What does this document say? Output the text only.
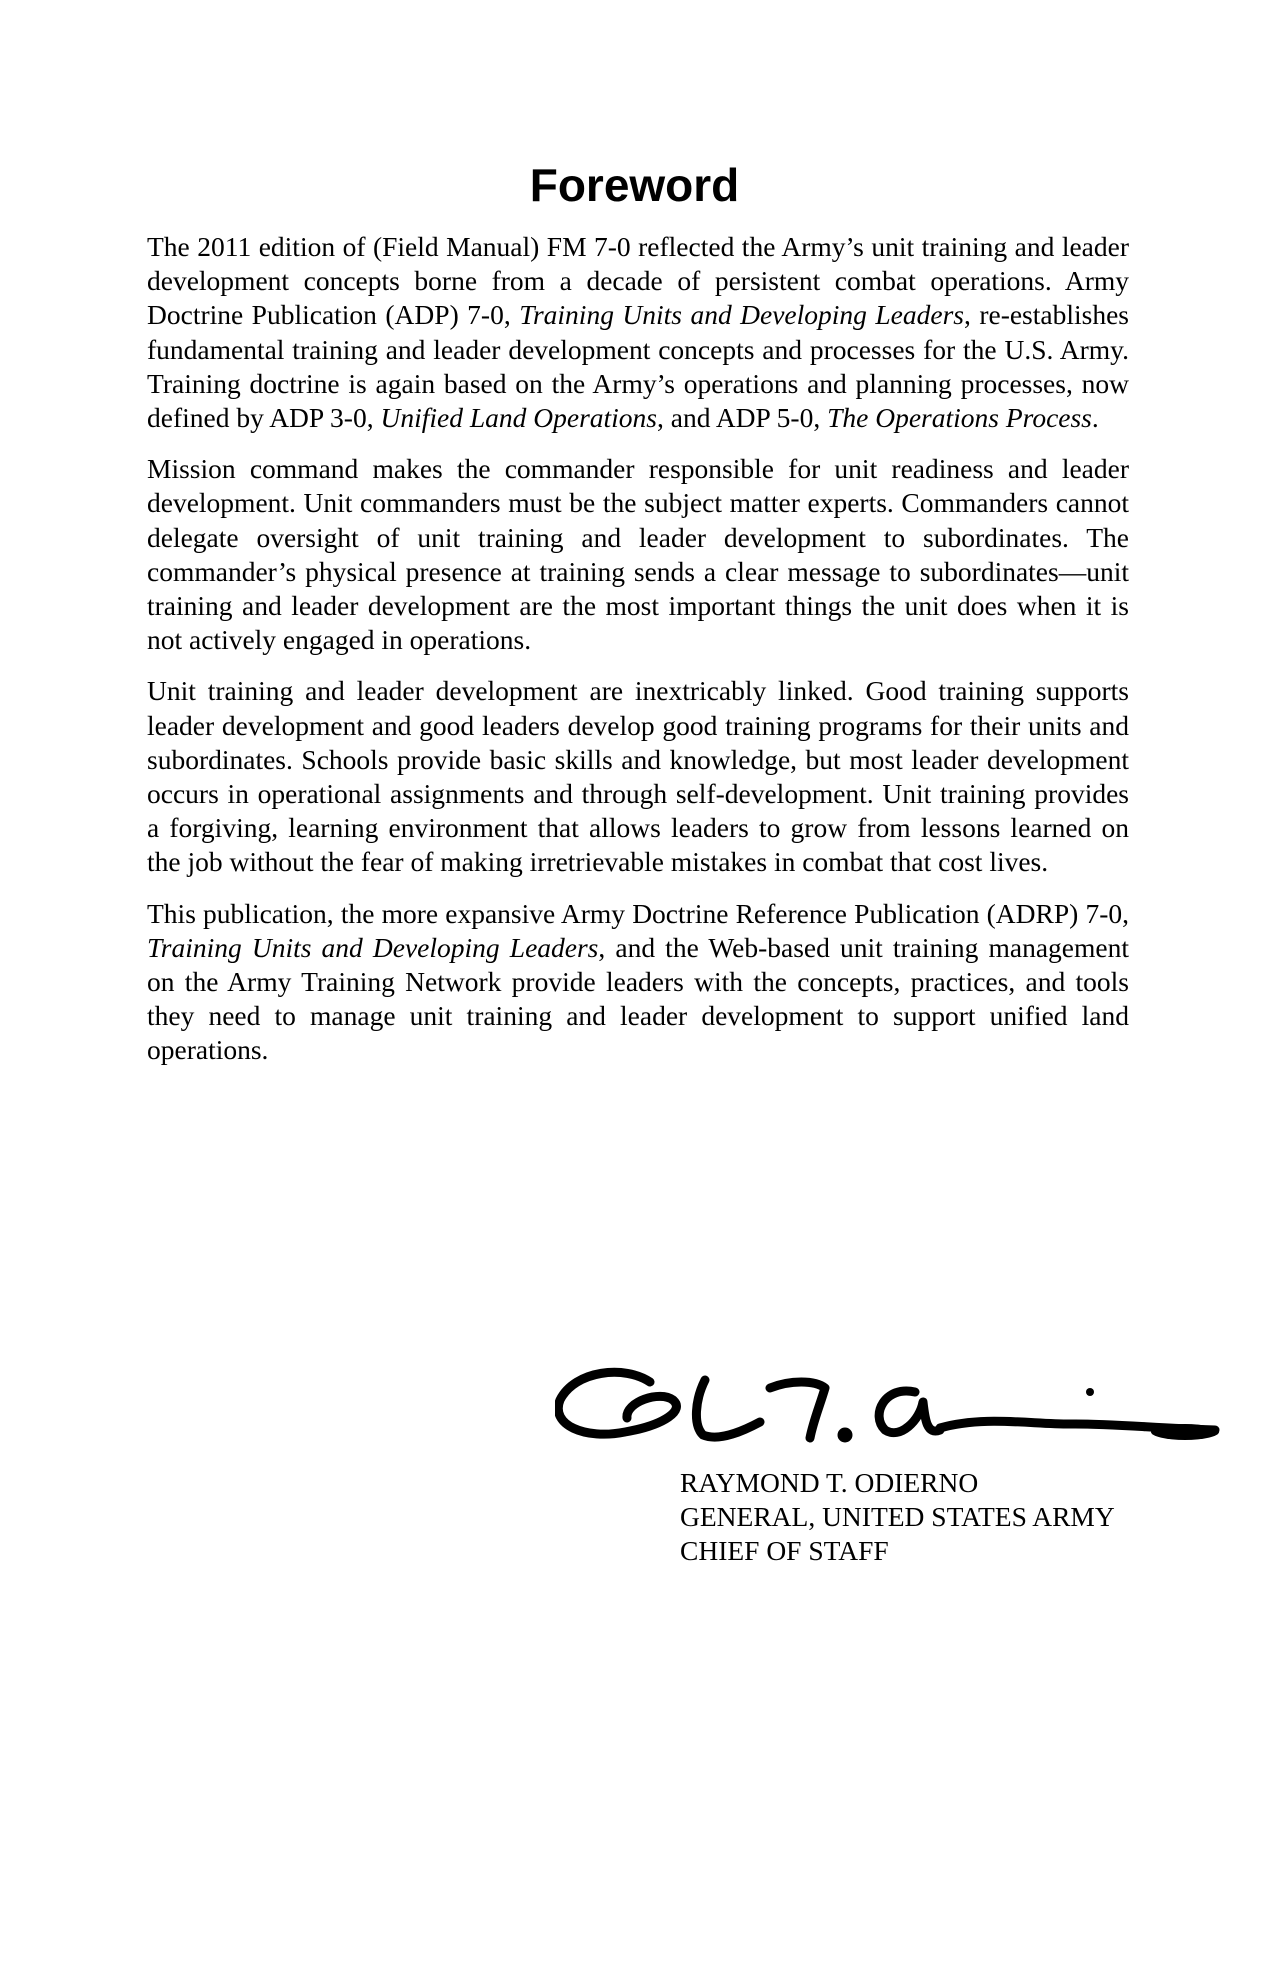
Foreword

The 2011 edition of (Field Manual) FM 7-0 reflected the Army’s unit training and leader development concepts borne from a decade of persistent combat operations. Army Doctrine Publication (ADP) 7-0, Training Units and Developing Leaders, re-establishes fundamental training and leader development concepts and processes for the U.S. Army. Training doctrine is again based on the Army’s operations and planning processes, now defined by ADP 3-0, Unified Land Operations, and ADP 5-0, The Operations Process.

Mission command makes the commander responsible for unit readiness and leader development. Unit commanders must be the subject matter experts. Commanders cannot delegate oversight of unit training and leader development to subordinates. The commander’s physical presence at training sends a clear message to subordinates—unit training and leader development are the most important things the unit does when it is not actively engaged in operations.

Unit training and leader development are inextricably linked. Good training supports leader development and good leaders develop good training programs for their units and subordinates. Schools provide basic skills and knowledge, but most leader development occurs in operational assignments and through self-development. Unit training provides a forgiving, learning environment that allows leaders to grow from lessons learned on the job without the fear of making irretrievable mistakes in combat that cost lives.

This publication, the more expansive Army Doctrine Reference Publication (ADRP) 7-0, Training Units and Developing Leaders, and the Web-based unit training management on the Army Training Network provide leaders with the concepts, practices, and tools they need to manage unit training and leader development to support unified land operations.

RAYMOND T. ODIERNO
GENERAL, UNITED STATES ARMY
CHIEF OF STAFF
